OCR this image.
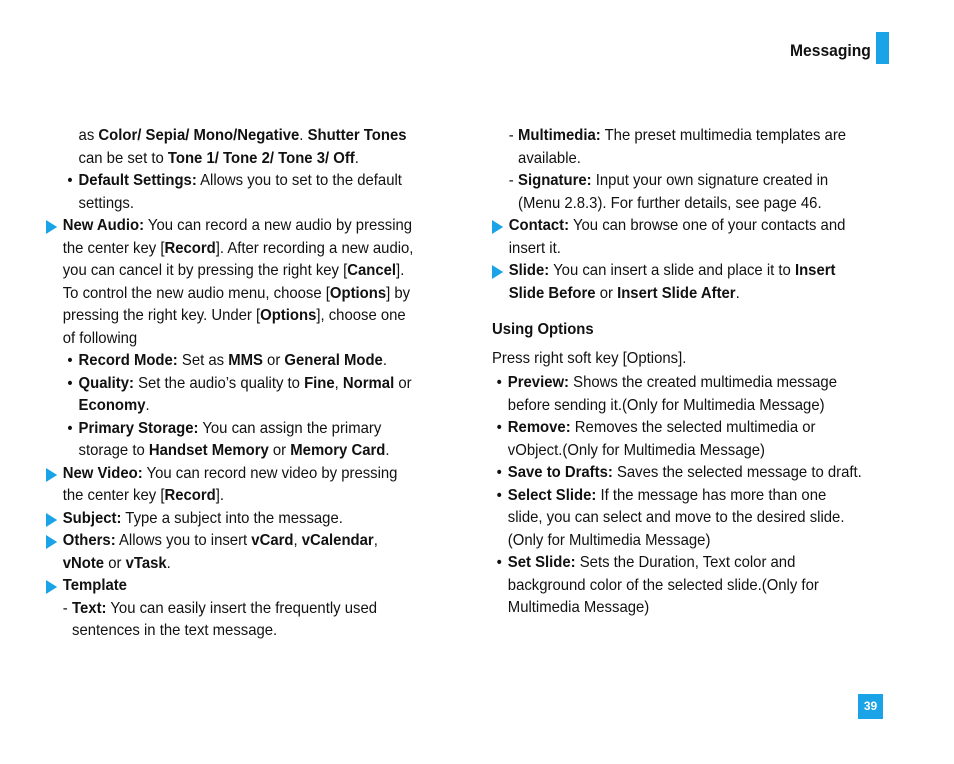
Messaging

as Color/ Sepia/ Mono/Negative. Shutter Tones can be set to Tone 1/ Tone 2/ Tone 3/ Off.

• Default Settings: Allows you to set to the default settings.

New Audio: You can record a new audio by pressing the center key [Record]. After recording a new audio, you can cancel it by pressing the right key [Cancel]. To control the new audio menu, choose [Options] by pressing the right key. Under [Options], choose one of following

• Record Mode: Set as MMS or General Mode.

• Quality: Set the audio’s quality to Fine, Normal or Economy.

• Primary Storage: You can assign the primary storage to Handset Memory or Memory Card.

New Video: You can record new video by pressing the center key [Record].

Subject: Type a subject into the message.

Others: Allows you to insert vCard, vCalendar, vNote or vTask.

Template

- Text: You can easily insert the frequently used sentences in the text message.

- Multimedia: The preset multimedia templates are available.

- Signature: Input your own signature created in (Menu 2.8.3). For further details, see page 46.

Contact: You can browse one of your contacts and insert it.

Slide: You can insert a slide and place it to Insert Slide Before or Insert Slide After.

Using Options

Press right soft key [Options].

• Preview: Shows the created multimedia message before sending it.(Only for Multimedia Message)

• Remove: Removes the selected multimedia or vObject.(Only for Multimedia Message)

• Save to Drafts: Saves the selected message to draft.

• Select Slide: If the message has more than one slide, you can select and move to the desired slide.(Only for Multimedia Message)

• Set Slide: Sets the Duration, Text color and background color of the selected slide.(Only for Multimedia Message)

39
